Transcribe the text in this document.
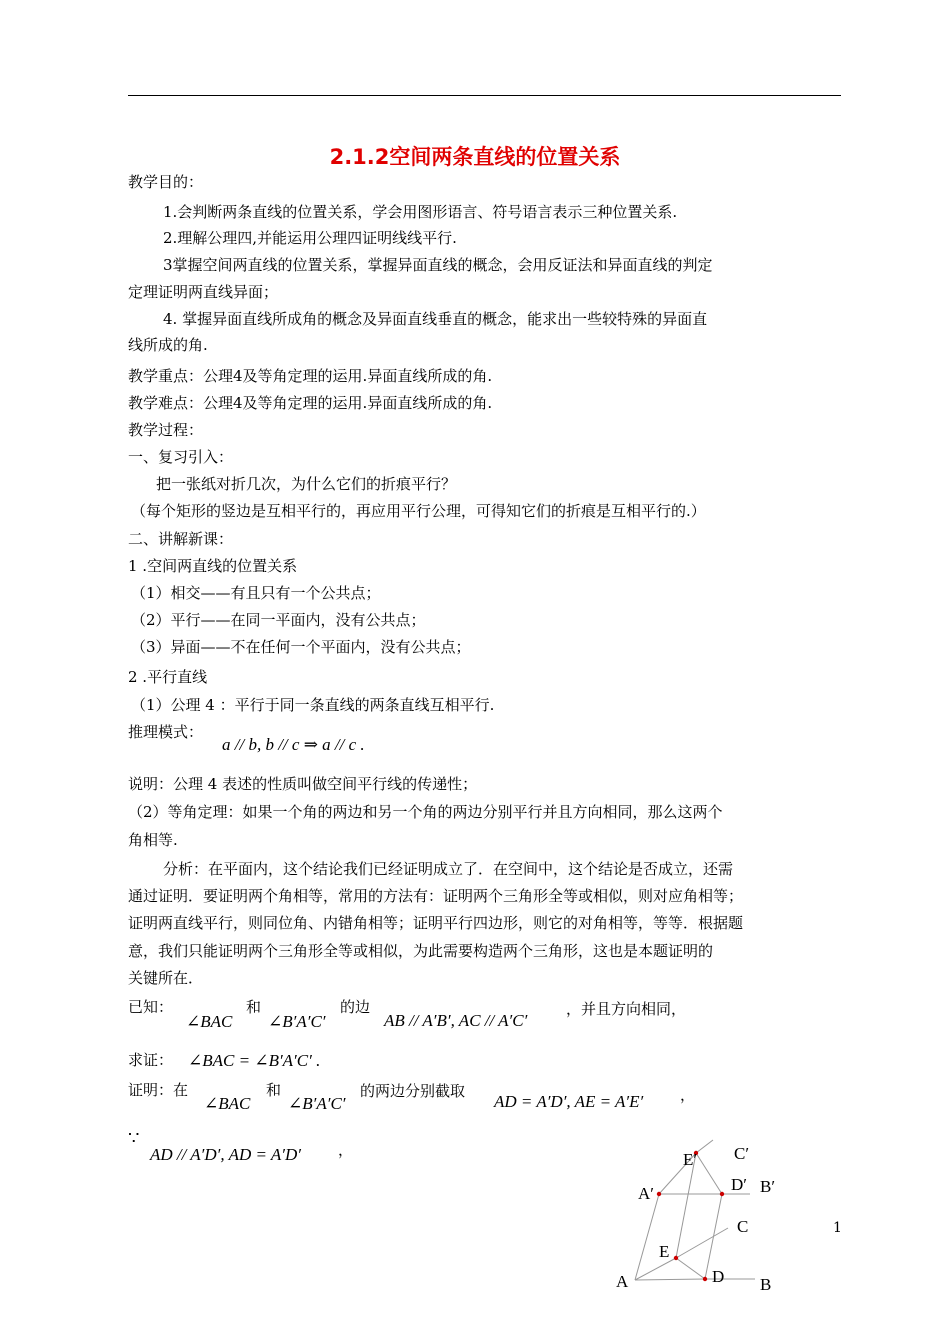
2.1.2空间两条直线的位置关系
教学目的：
1.会判断两条直线的位置关系，学会用图形语言、符号语言表示三种位置关系.
2.理解公理四,并能运用公理四证明线线平行.
3掌握空间两直线的位置关系，掌握异面直线的概念，会用反证法和异面直线的判定
定理证明两直线异面；
4. 掌握异面直线所成角的概念及异面直线垂直的概念，能求出一些较特殊的异面直
线所成的角.
教学重点：公理4及等角定理的运用.异面直线所成的角.
教学难点：公理4及等角定理的运用.异面直线所成的角.
教学过程：
一、复习引入：
把一张纸对折几次，为什么它们的折痕平行？
（每个矩形的竖边是互相平行的，再应用平行公理，可得知它们的折痕是互相平行的.）
二、讲解新课：
1 .空间两直线的位置关系
（1）相交——有且只有一个公共点；
（2）平行——在同一平面内，没有公共点；
（3）异面——不在任何一个平面内，没有公共点；
2 .平行直线
（1）公理 4 ：平行于同一条直线的两条直线互相平行.
推理模式：
a // b, b // c ⇒ a // c .
说明：公理 4 表述的性质叫做空间平行线的传递性；
（2）等角定理：如果一个角的两边和另一个角的两边分别平行并且方向相同，那么这两个
角相等.
分析：在平面内，这个结论我们已经证明成立了．在空间中，这个结论是否成立，还需
通过证明．要证明两个角相等，常用的方法有：证明两个三角形全等或相似，则对应角相等；
证明两直线平行，则同位角、内错角相等；证明平行四边形，则它的对角相等，等等．根据题
意，我们只能证明两个三角形全等或相似，为此需要构造两个三角形，这也是本题证明的
关键所在．
已知：
∠BAC
和
∠B′A′C′
的边
AB // A′B′, AC // A′C′
，并且方向相同，
求证： ∠BAC = ∠B′A′C′ .
证明：在
∠BAC
和
∠B′A′C′
的两边分别截取
AD = A′D′, AE = A′E′ ，
∵
AD // A′D′, AD = A′D′ ，
A	B
C
D
E
A′	B′
C′
D′
E′
1
